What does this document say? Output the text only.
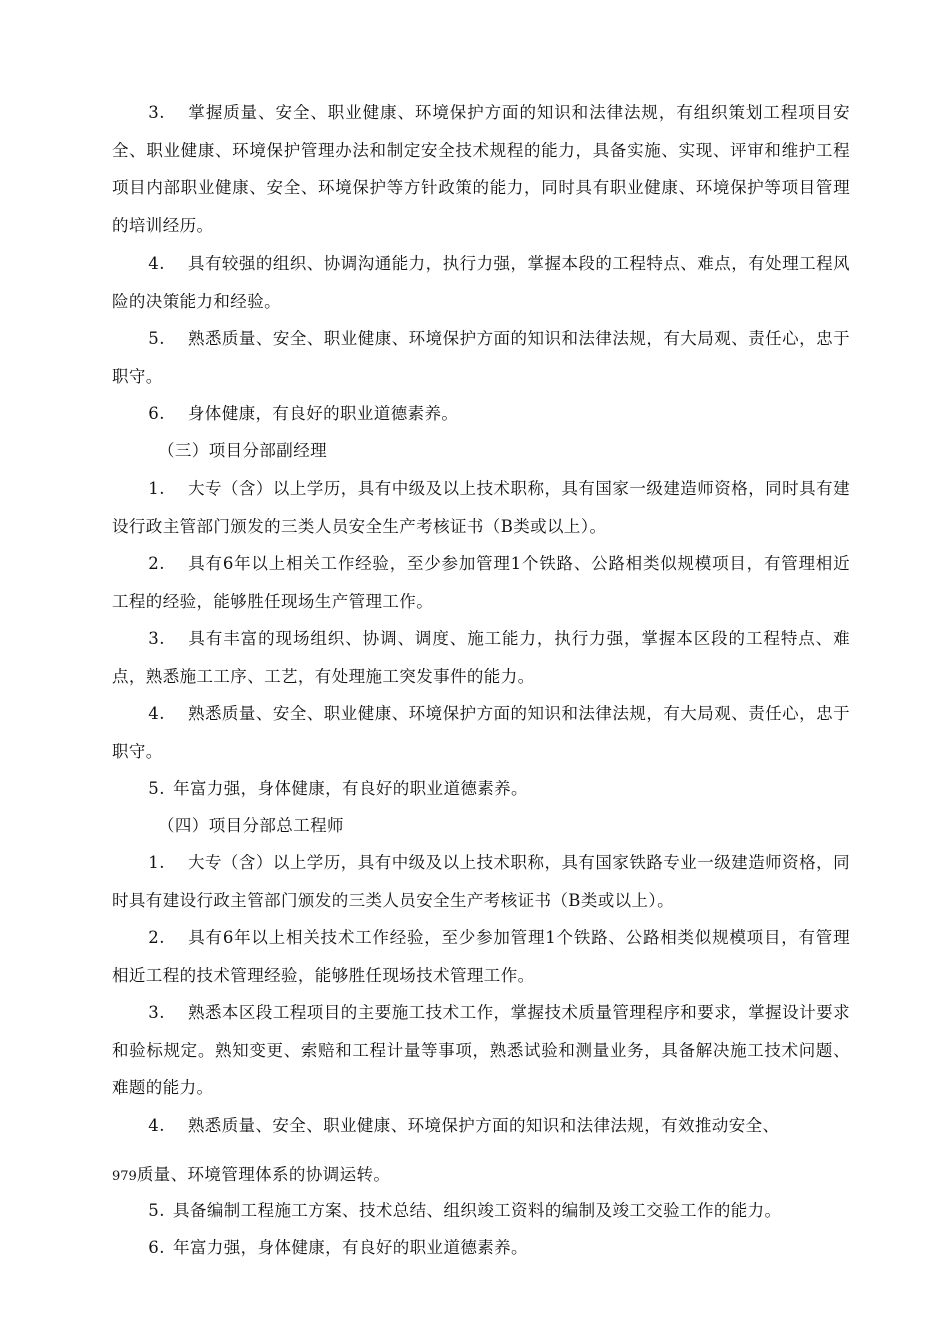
3. 掌握质量、安全、职业健康、环境保护方面的知识和法律法规，有组织策划工程项目安全、职业健康、环境保护管理办法和制定安全技术规程的能力，具备实施、实现、评审和维护工程项目内部职业健康、安全、环境保护等方针政策的能力，同时具有职业健康、环境保护等项目管理的培训经历。

4. 具有较强的组织、协调沟通能力，执行力强，掌握本段的工程特点、难点，有处理工程风险的决策能力和经验。

5. 熟悉质量、安全、职业健康、环境保护方面的知识和法律法规，有大局观、责任心，忠于职守。

6. 身体健康，有良好的职业道德素养。

（三）项目分部副经理

1. 大专（含）以上学历，具有中级及以上技术职称，具有国家一级建造师资格，同时具有建设行政主管部门颁发的三类人员安全生产考核证书（B类或以上）。

2. 具有6年以上相关工作经验，至少参加管理1个铁路、公路相类似规模项目，有管理相近工程的经验，能够胜任现场生产管理工作。

3. 具有丰富的现场组织、协调、调度、施工能力，执行力强，掌握本区段的工程特点、难点，熟悉施工工序、工艺，有处理施工突发事件的能力。

4. 熟悉质量、安全、职业健康、环境保护方面的知识和法律法规，有大局观、责任心，忠于职守。

5. 年富力强，身体健康，有良好的职业道德素养。

（四）项目分部总工程师

1. 大专（含）以上学历，具有中级及以上技术职称，具有国家铁路专业一级建造师资格，同时具有建设行政主管部门颁发的三类人员安全生产考核证书（B类或以上）。

2. 具有6年以上相关技术工作经验，至少参加管理1个铁路、公路相类似规模项目，有管理相近工程的技术管理经验，能够胜任现场技术管理工作。

3. 熟悉本区段工程项目的主要施工技术工作，掌握技术质量管理程序和要求，掌握设计要求和验标规定。熟知变更、索赔和工程计量等事项，熟悉试验和测量业务，具备解决施工技术问题、难题的能力。

4. 熟悉质量、安全、职业健康、环境保护方面的知识和法律法规，有效推动安全、

979质量、环境管理体系的协调运转。

5. 具备编制工程施工方案、技术总结、组织竣工资料的编制及竣工交验工作的能力。

6. 年富力强，身体健康，有良好的职业道德素养。
